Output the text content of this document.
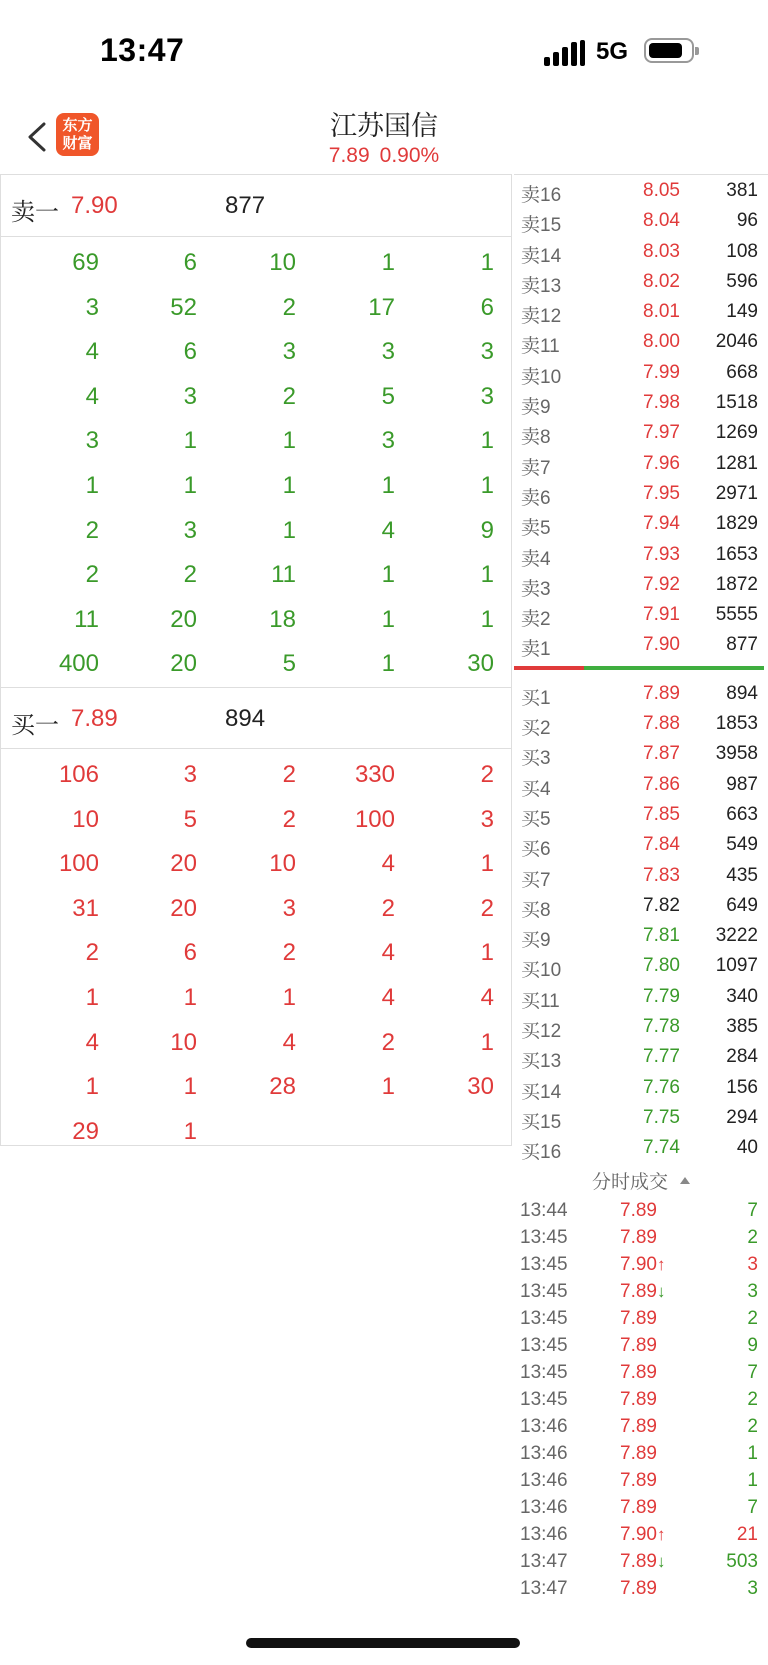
13:47	5G
东方
财富
江苏国信
7.89 0.90%
卖一 7.90	877
69	6	10	1	1
3	52	2	17	6
4	6	3	3	3
4	3	2	5	3
3	1	1	3	1
1	1	1	1	1
2	3	1	4	9
2	2	11	1	1
11	20	18	1	1
400	20	5	1	30
买一 7.89	894
106	3	2	330	2
10	5	2	100	3
100	20	10	4	1
31	20	3	2	2
2	6	2	4	1
1	1	1	4	4
4	10	4	2	1
1	1	28	1	30
29	1
卖16	8.05 381
卖15	8.04	96
卖14	8.03 108
卖13	8.02 596
卖12	8.01 149
卖11	8.00 2046
卖10	7.99 668
卖9	7.98 1518
卖8	7.97 1269
卖7	7.96 1281
卖6	7.95 2971
卖5	7.94 1829
卖4	7.93 1653
卖3	7.92 1872
卖2	7.91 5555
卖1	7.90 877
买1	7.89 894
买2	7.88 1853
买3	7.87 3958
买4	7.86 987
买5	7.85 663
买6	7.84 549
买7	7.83 435
买8	7.82 649
买9	7.81 3222
买10	7.80 1097
买11	7.79 340
买12	7.78 385
买13	7.77 284
买14	7.76 156
买15	7.75 294
买16	7.74	40
分时成交
13:44	7.89	7
13:45	7.89	2
13:45	7.90↑	3
13:45	7.89↓	3
13:45	7.89	2
13:45	7.89	9
13:45	7.89	7
13:45	7.89	2
13:46	7.89	2
13:46	7.89	1
13:46	7.89	1
13:46	7.89	7
13:46	7.90↑	21
13:47	7.89↓	503
13:47	7.89	3
